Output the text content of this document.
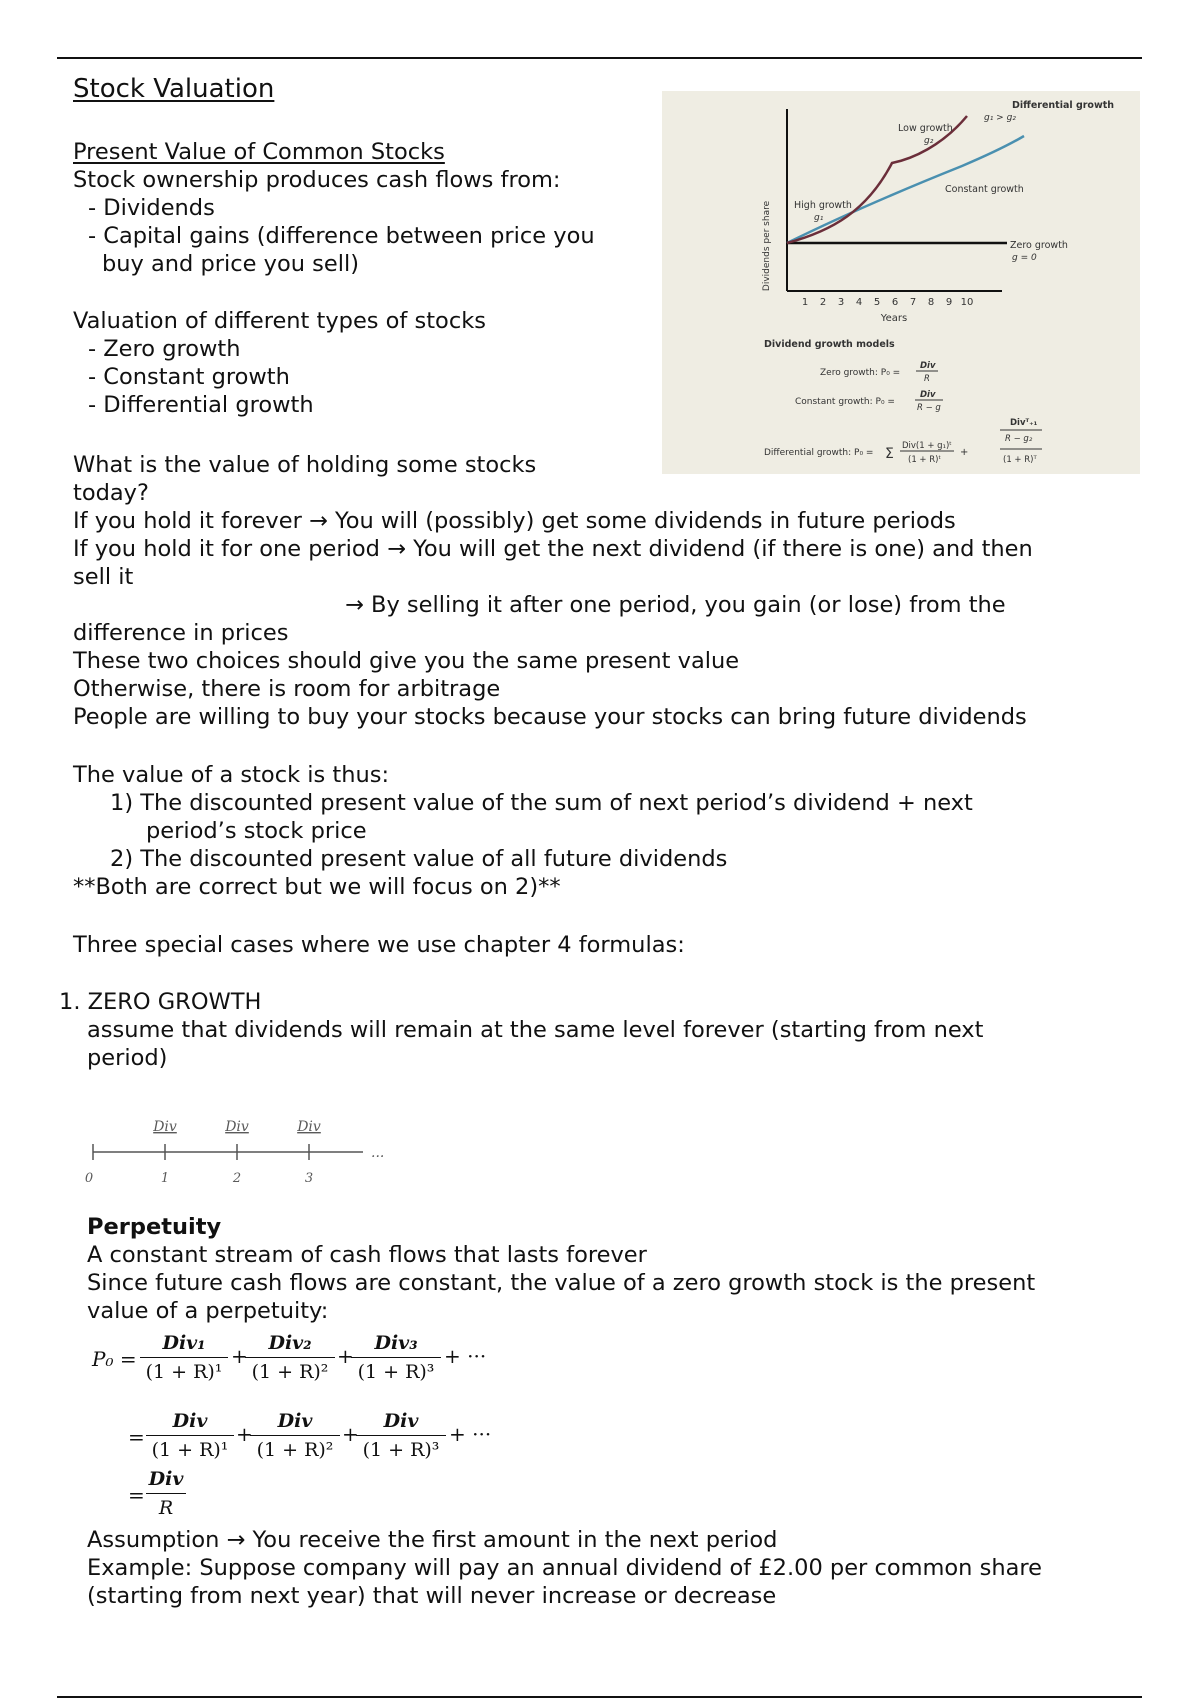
Stock Valuation
Present Value of Common Stocks
Stock ownership produces cash flows from:
- Dividends
- Capital gains (difference between price you
buy and price you sell)
Valuation of different types of stocks
- Zero growth
- Constant growth
- Differential growth
Dividends per share
1 2 3 4 5 6 7 8 9 10
Years
Differential growth
g₁ > g₂
Low growth
g₂
High growth
g₁
Constant growth
Zero growth
g = 0
Dividend growth models
Zero growth: P₀ =
Div
R
Constant growth: P₀ =
Div
R − g
Differential growth: P₀ = Σ Div(1 + g₁)ᵗ
(1 + R)ᵗ
+
Divᵀ₊₁
R − g₂
(1 + R)ᵀ
What is the value of holding some stocks
today?
If you hold it forever → You will (possibly) get some dividends in future periods
If you hold it for one period → You will get the next dividend (if there is one) and then
sell it
→ By selling it after one period, you gain (or lose) from the
difference in prices
These two choices should give you the same present value
Otherwise, there is room for arbitrage
People are willing to buy your stocks because your stocks can bring future dividends
The value of a stock is thus:
1) The discounted present value of the sum of next period’s dividend + next
period’s stock price
2) The discounted present value of all future dividends
**Both are correct but we will focus on 2)**
Three special cases where we use chapter 4 formulas:
1. ZERO GROWTH
assume that dividends will remain at the same level forever (starting from next
period)
Div	Div	Div
...
0	1	2	3
Perpetuity
A constant stream of cash flows that lasts forever
Since future cash flows are constant, the value of a zero growth stock is the present
value of a perpetuity:
P₀ =
Div₁
(1 + R)¹
+
Div₂
(1 + R)²
+
Div₃
(1 + R)³
+ ···
=
Div
(1 + R)¹
+
Div
(1 + R)²
+
Div
(1 + R)³
+ ···
=
Div
R
Assumption → You receive the first amount in the next period
Example: Suppose company will pay an annual dividend of £2.00 per common share
(starting from next year) that will never increase or decrease
